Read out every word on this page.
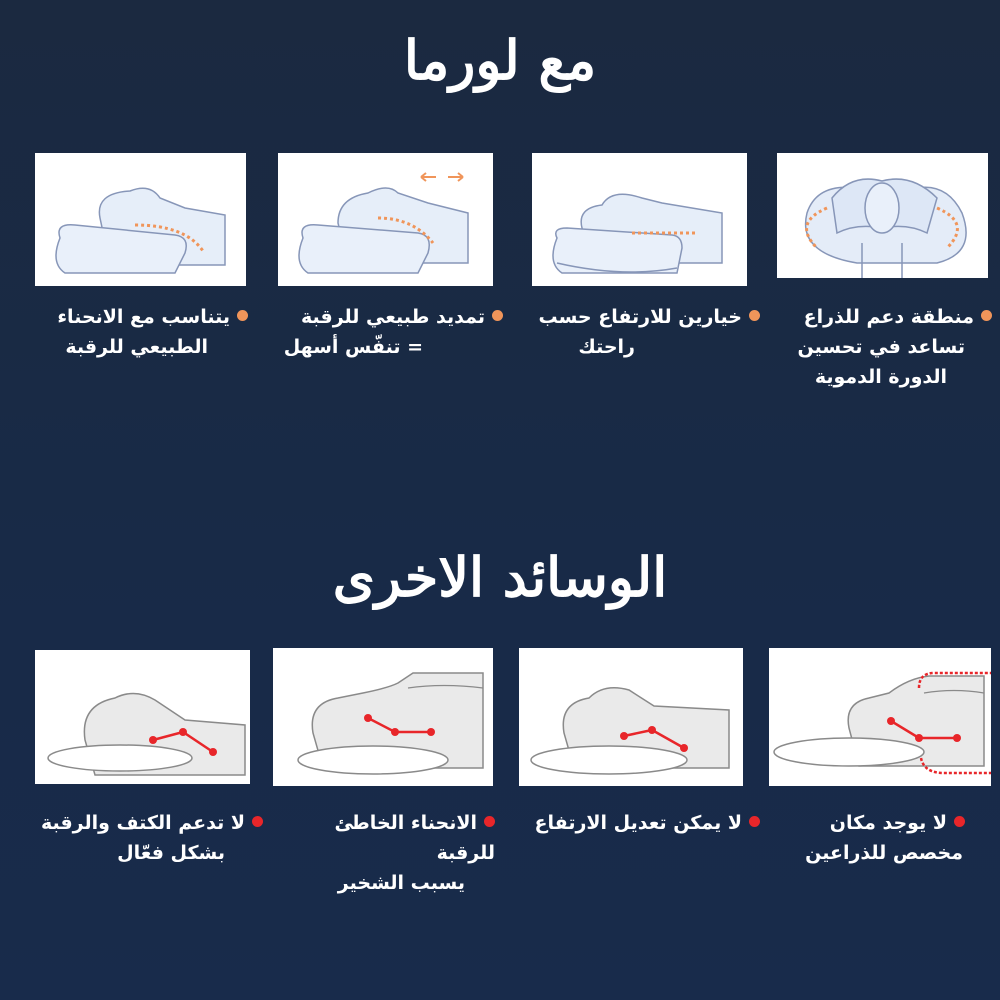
مع لورما
منطقة دعم للذراع
تساعد في تحسين
الدورة الدموية
خيارين للارتفاع حسب
راحتك
تمديد طبيعي للرقبة
= تنفّس أسهل
يتناسب مع الانحناء
الطبيعي للرقبة
الوسائد الاخرى
لا يوجد مكان
مخصص للذراعين
لا يمكن تعديل الارتفاع
الانحناء الخاطئ للرقبة
يسبب الشخير
لا تدعم الكتف والرقبة
بشكل فعّال
